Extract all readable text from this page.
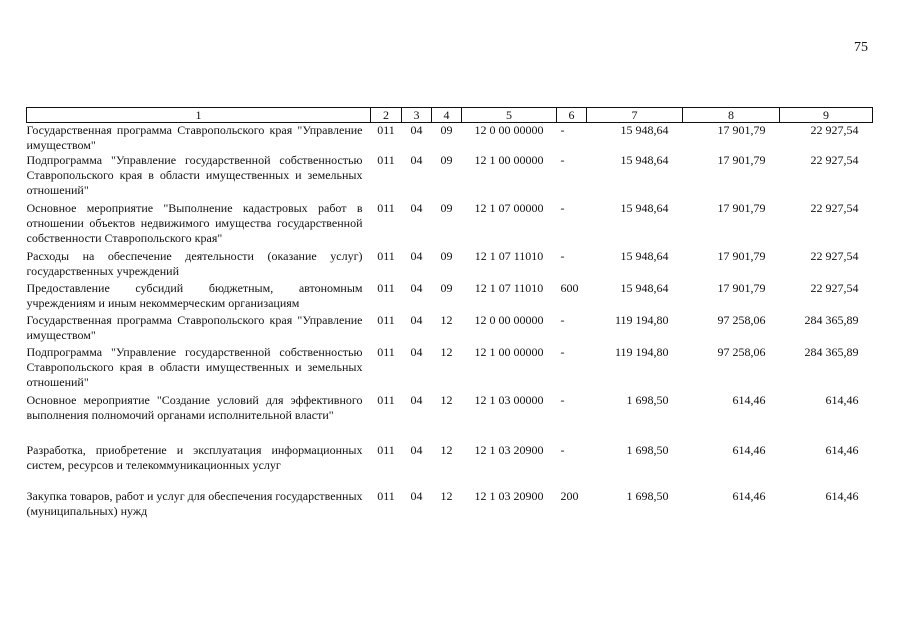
75
1	2	3	4	5	6	7	8	9
Государственная программа Ставропольского края "Управление имуществом"	011	04	09	12 0 00 00000	-	15 948,64	17 901,79	22 927,54
Подпрограмма "Управление государственной собственностью Ставропольского края в области имущественных и земельных отношений"	011	04	09	12 1 00 00000	-	15 948,64	17 901,79	22 927,54
Основное мероприятие "Выполнение кадастровых работ в отношении объектов недвижимого имущества государственной собственности Ставропольского края"	011	04	09	12 1 07 00000	-	15 948,64	17 901,79	22 927,54
Расходы на обеспечение деятельности (оказание услуг) государственных учреждений	011	04	09	12 1 07 11010	-	15 948,64	17 901,79	22 927,54
Предоставление субсидий бюджетным, автономным учреждениям и иным некоммерческим организациям	011	04	09	12 1 07 11010	600	15 948,64	17 901,79	22 927,54
Государственная программа Ставропольского края "Управление имуществом"	011	04	12	12 0 00 00000	-	119 194,80	97 258,06	284 365,89
Подпрограмма "Управление государственной собственностью Ставропольского края в области имущественных и земельных отношений"	011	04	12	12 1 00 00000	-	119 194,80	97 258,06	284 365,89
Основное мероприятие "Создание условий для эффективного выполнения полномочий органами исполнительной власти"	011	04	12	12 1 03 00000	-	1 698,50	614,46	614,46
Разработка, приобретение и эксплуатация информационных систем, ресурсов и телекоммуникационных услуг	011	04	12	12 1 03 20900	-	1 698,50	614,46	614,46
Закупка товаров, работ и услуг для обеспечения государственных (муниципальных) нужд	011	04	12	12 1 03 20900	200	1 698,50	614,46	614,46
